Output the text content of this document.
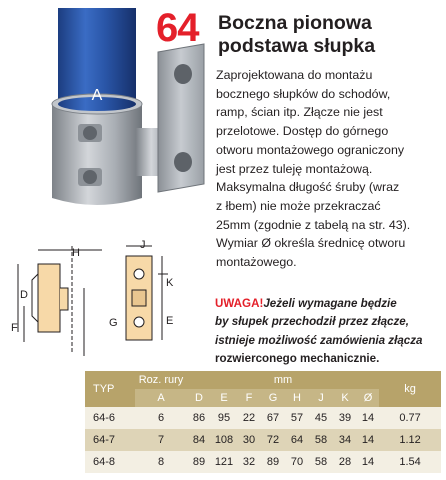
A
64 Boczna pionowa
podstawa słupka
Zaprojektowana do montażu
bocznego słupków do schodów,
ramp, ścian itp. Złącze nie jest
przelotowe. Dostęp do górnego
otworu montażowego ograniczony
jest przez tuleję montażową.
Maksymalna długość śruby (wraz
z łbem) nie może przekraczać
25mm (zgodnie z tabelą na str. 43).
Wymiar Ø określa średnicę otworu
montażowego.
D
F
H
G
J
K
E
UWAGA!Jeżeli wymagane będzie
by słupek przechodził przez złącze,
istnieje możliwość zamówienia złącza
rozwierconego mechanicznie.
TYP	Roz. rury	mm								kg
	A	D	E	F	G	H	J	K	Ø	
64-6	6	86	95	22	67	57	45	39	14	0.77
64-7	7	84	108	30	72	64	58	34	14	1.12
64-8	8	89	121	32	89	70	58	28	14	1.54
